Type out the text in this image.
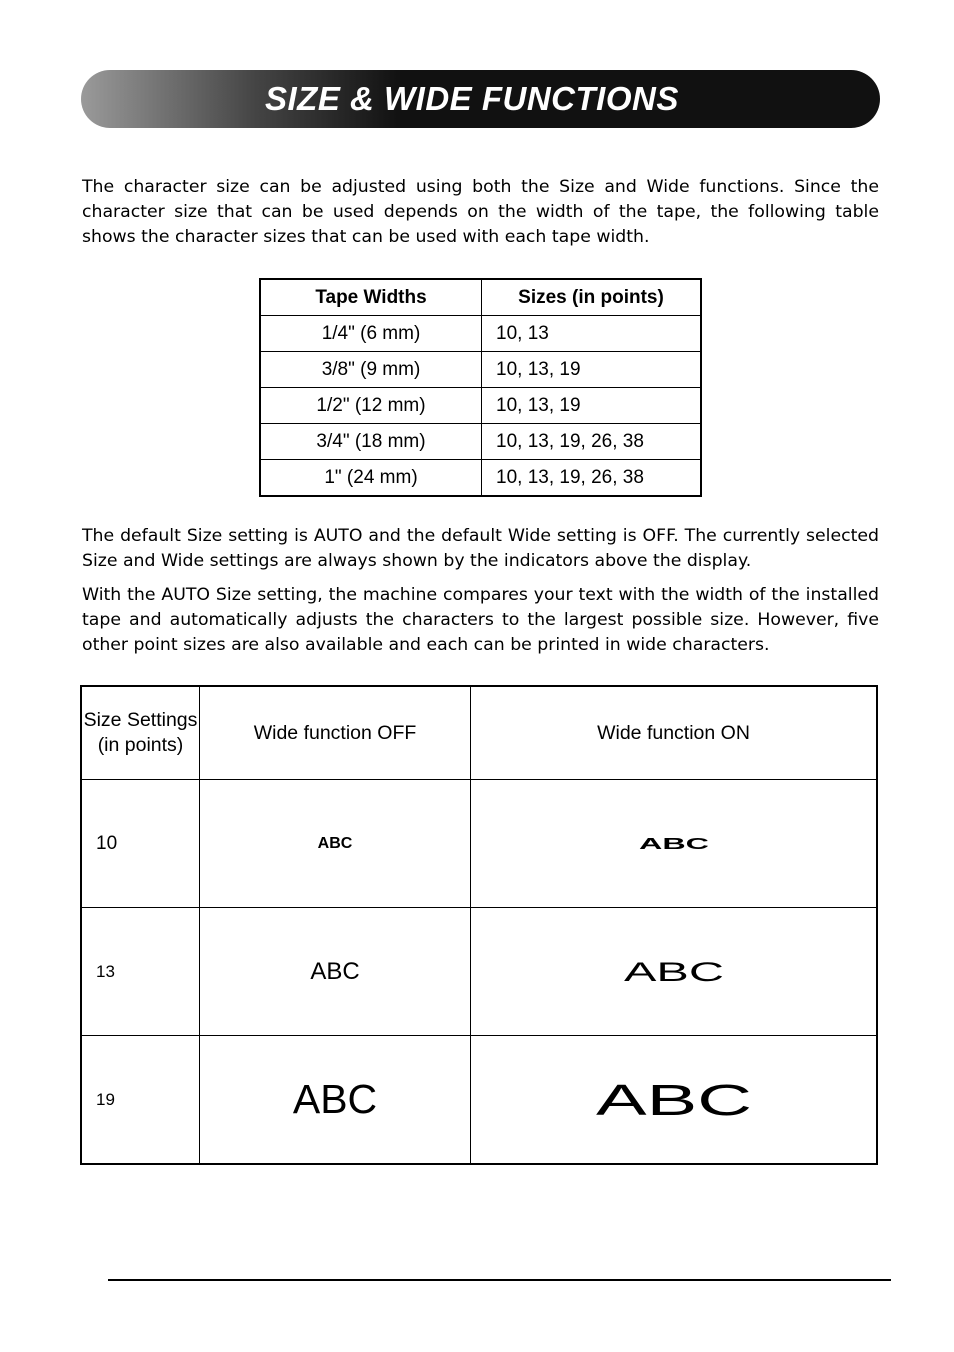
SIZE & WIDE FUNCTIONS

The character size can be adjusted using both the Size and Wide functions. Since the character size that can be used depends on the width of the tape, the following table shows the character sizes that can be used with each tape width.

Tape Widths	Sizes (in points)
1/4" (6 mm)	10, 13
3/8" (9 mm)	10, 13, 19
1/2" (12 mm)	10, 13, 19
3/4" (18 mm)	10, 13, 19, 26, 38
1" (24 mm)	10, 13, 19, 26, 38

The default Size setting is AUTO and the default Wide setting is OFF. The currently selected Size and Wide settings are always shown by the indicators above the display.

With the AUTO Size setting, the machine compares your text with the width of the installed tape and automatically adjusts the characters to the largest possible size. However, five other point sizes are also available and each can be printed in wide characters.

Size Settings (in points)	Wide function OFF	Wide function ON
10	ABC	ABC

13	ABC	ABC

19	ABC	ABC
